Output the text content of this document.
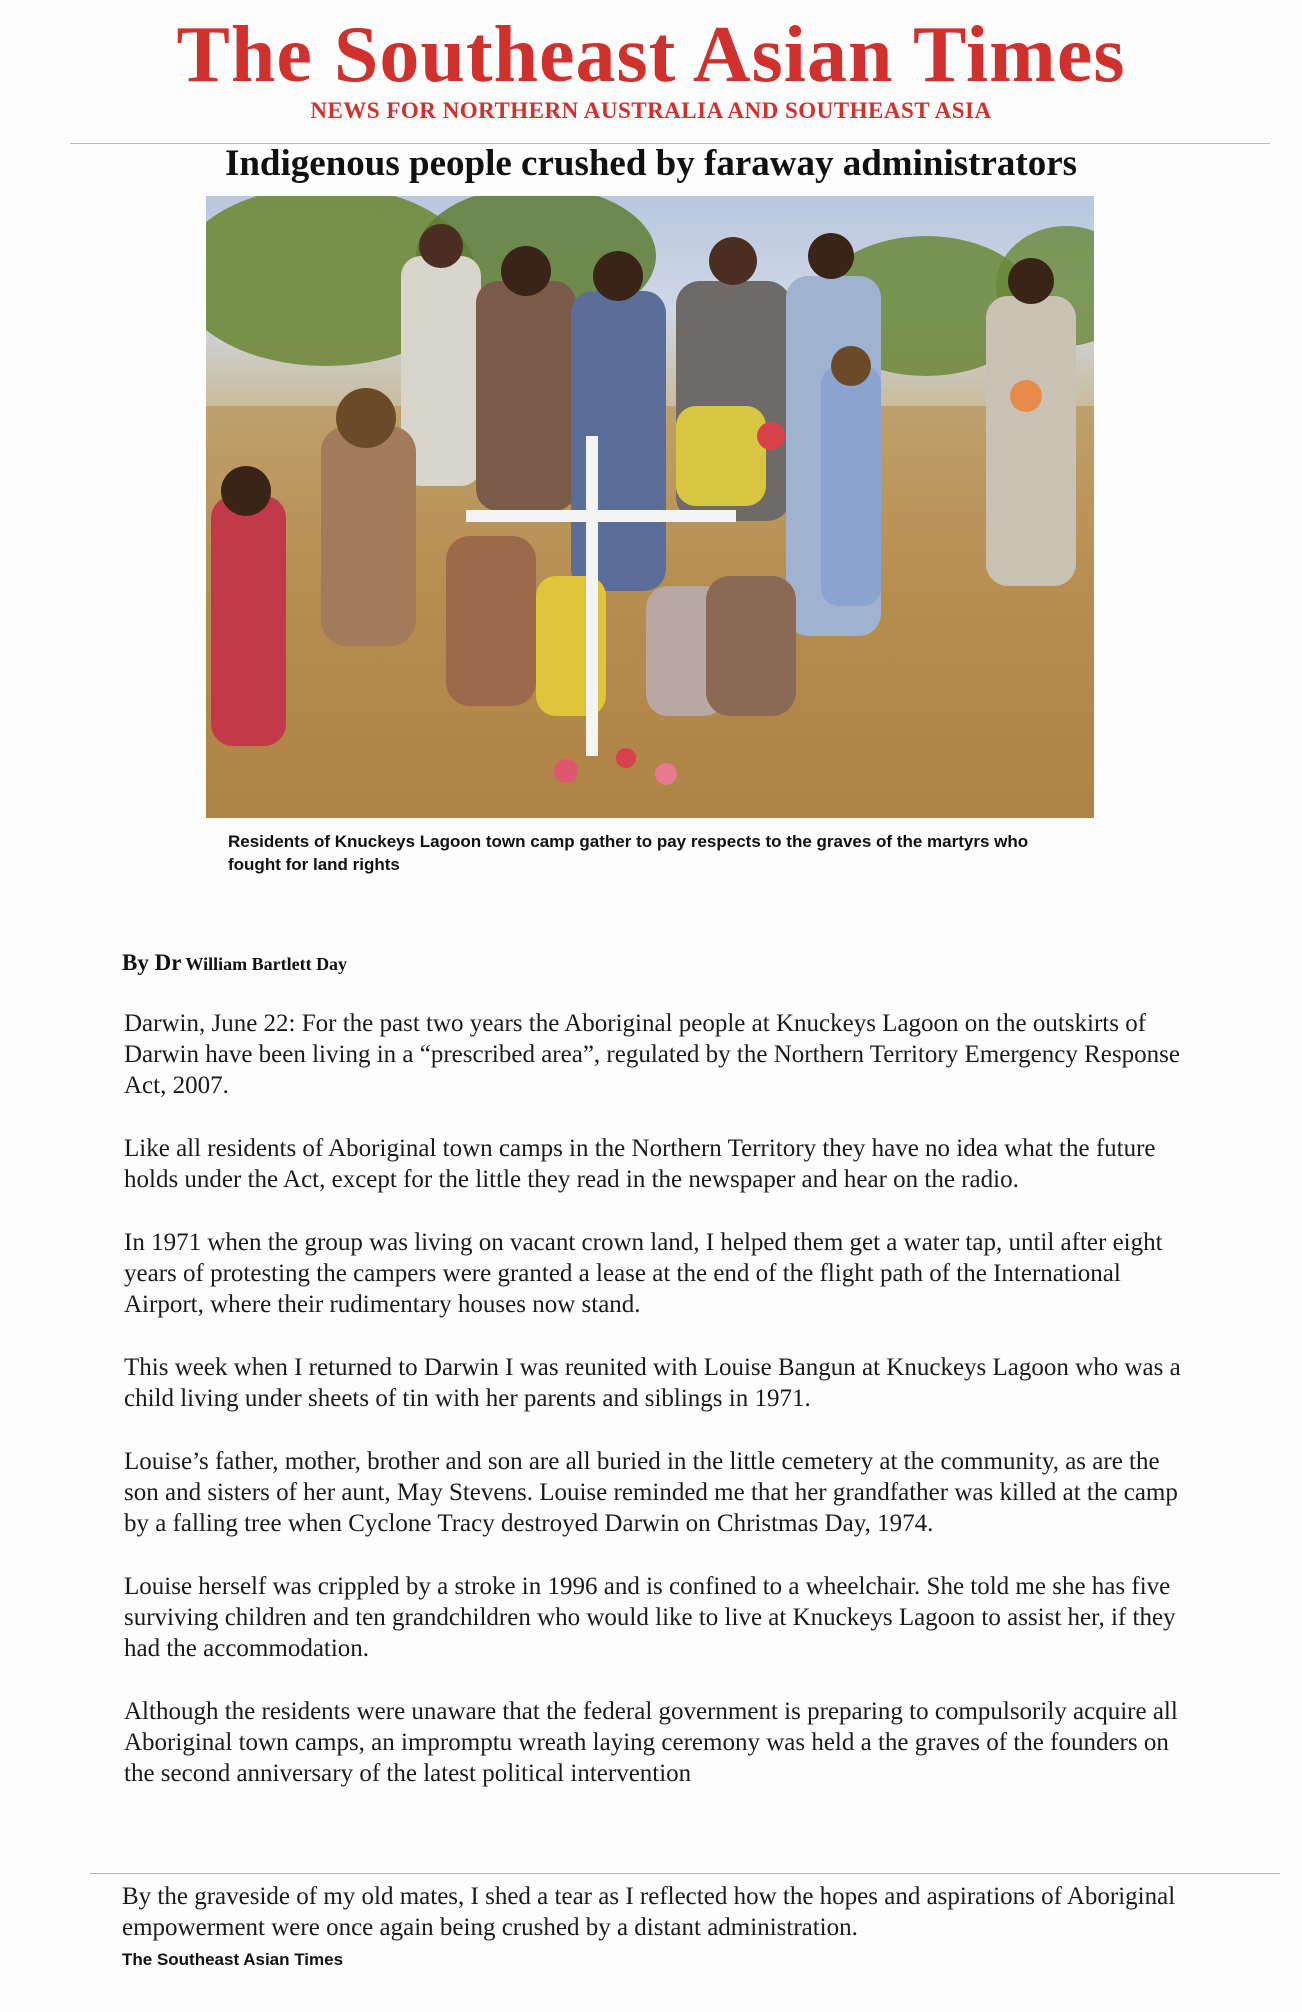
The Southeast Asian Times
NEWS FOR NORTHERN AUSTRALIA AND SOUTHEAST ASIA
Indigenous people crushed by faraway administrators
Residents of Knuckeys Lagoon town camp gather to pay respects to the graves of the martyrs who fought for land rights
By Dr William Bartlett Day

Darwin, June 22: For the past two years the Aboriginal people at Knuckeys Lagoon on the outskirts of Darwin have been living in a “prescribed area”, regulated by the Northern Territory Emergency Response Act, 2007.

Like all residents of Aboriginal town camps in the Northern Territory they have no idea what the future holds under the Act, except for the little they read in the newspaper and hear on the radio.

In 1971 when the group was living on vacant crown land, I helped them get a water tap, until after eight years of protesting the campers were granted a lease at the end of the flight path of the International Airport, where their rudimentary houses now stand.

This week when I returned to Darwin I was reunited with Louise Bangun at Knuckeys Lagoon who was a child living under sheets of tin with her parents and siblings in 1971.

Louise’s father, mother, brother and son are all buried in the little cemetery at the community, as are the son and sisters of her aunt, May Stevens. Louise reminded me that her grandfather was killed at the camp by a falling tree when Cyclone Tracy destroyed Darwin on Christmas Day, 1974.

Louise herself was crippled by a stroke in 1996 and is confined to a wheelchair. She told me she has five surviving children and ten grandchildren who would like to live at Knuckeys Lagoon to assist her, if they had the accommodation.

Although the residents were unaware that the federal government is preparing to compulsorily acquire all Aboriginal town camps, an impromptu wreath laying ceremony was held a the graves of the founders on the second anniversary of the latest political intervention

By the graveside of my old mates, I shed a tear as I reflected how the hopes and aspirations of Aboriginal empowerment were once again being crushed by a distant administration.
The Southeast Asian Times
